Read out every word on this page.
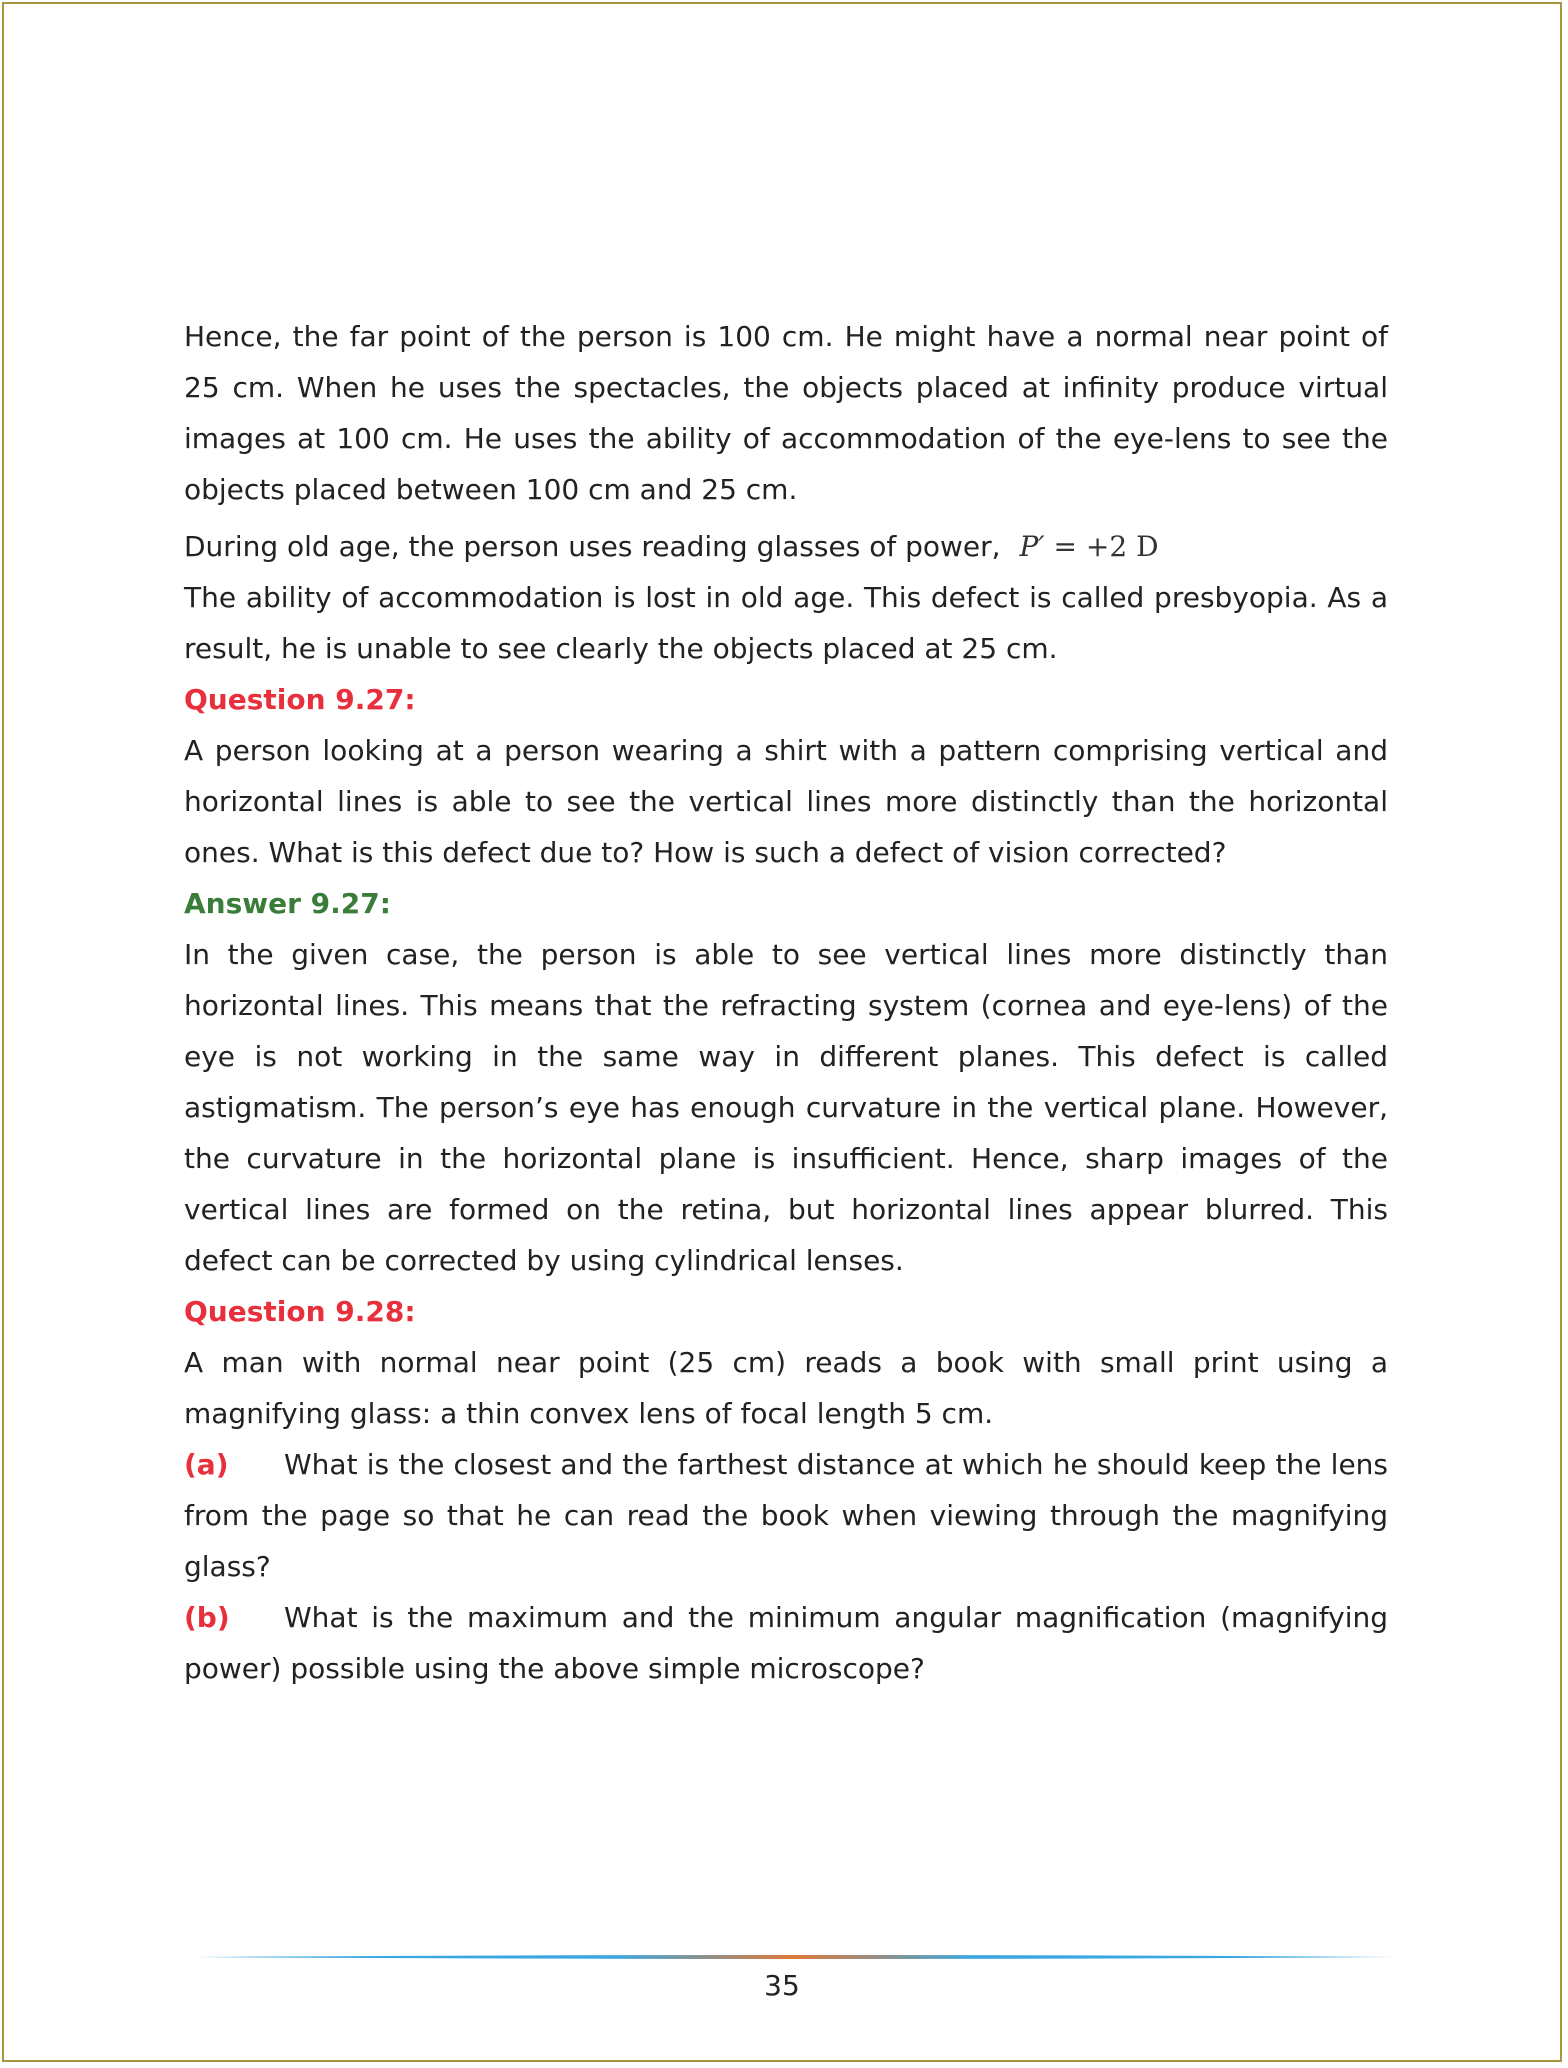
Hence, the far point of the person is 100 cm. He might have a normal near point of 25 cm. When he uses the spectacles, the objects placed at infinity produce virtual images at 100 cm. He uses the ability of accommodation of the eye-lens to see the objects placed between 100 cm and 25 cm.

During old age, the person uses reading glasses of power, P′ = +2 D

The ability of accommodation is lost in old age. This defect is called presbyopia. As a result, he is unable to see clearly the objects placed at 25 cm.

Question 9.27:

A person looking at a person wearing a shirt with a pattern comprising vertical and horizontal lines is able to see the vertical lines more distinctly than the horizontal ones. What is this defect due to? How is such a defect of vision corrected?

Answer 9.27:

In the given case, the person is able to see vertical lines more distinctly than horizontal lines. This means that the refracting system (cornea and eye-lens) of the eye is not working in the same way in different planes. This defect is called astigmatism. The person’s eye has enough curvature in the vertical plane. However, the curvature in the horizontal plane is insufficient. Hence, sharp images of the vertical lines are formed on the retina, but horizontal lines appear blurred. This defect can be corrected by using cylindrical lenses.

Question 9.28:

A man with normal near point (25 cm) reads a book with small print using a magnifying glass: a thin convex lens of focal length 5 cm.

(a) What is the closest and the farthest distance at which he should keep the lens from the page so that he can read the book when viewing through the magnifying glass?

(b) What is the maximum and the minimum angular magnification (magnifying power) possible using the above simple microscope?

35
